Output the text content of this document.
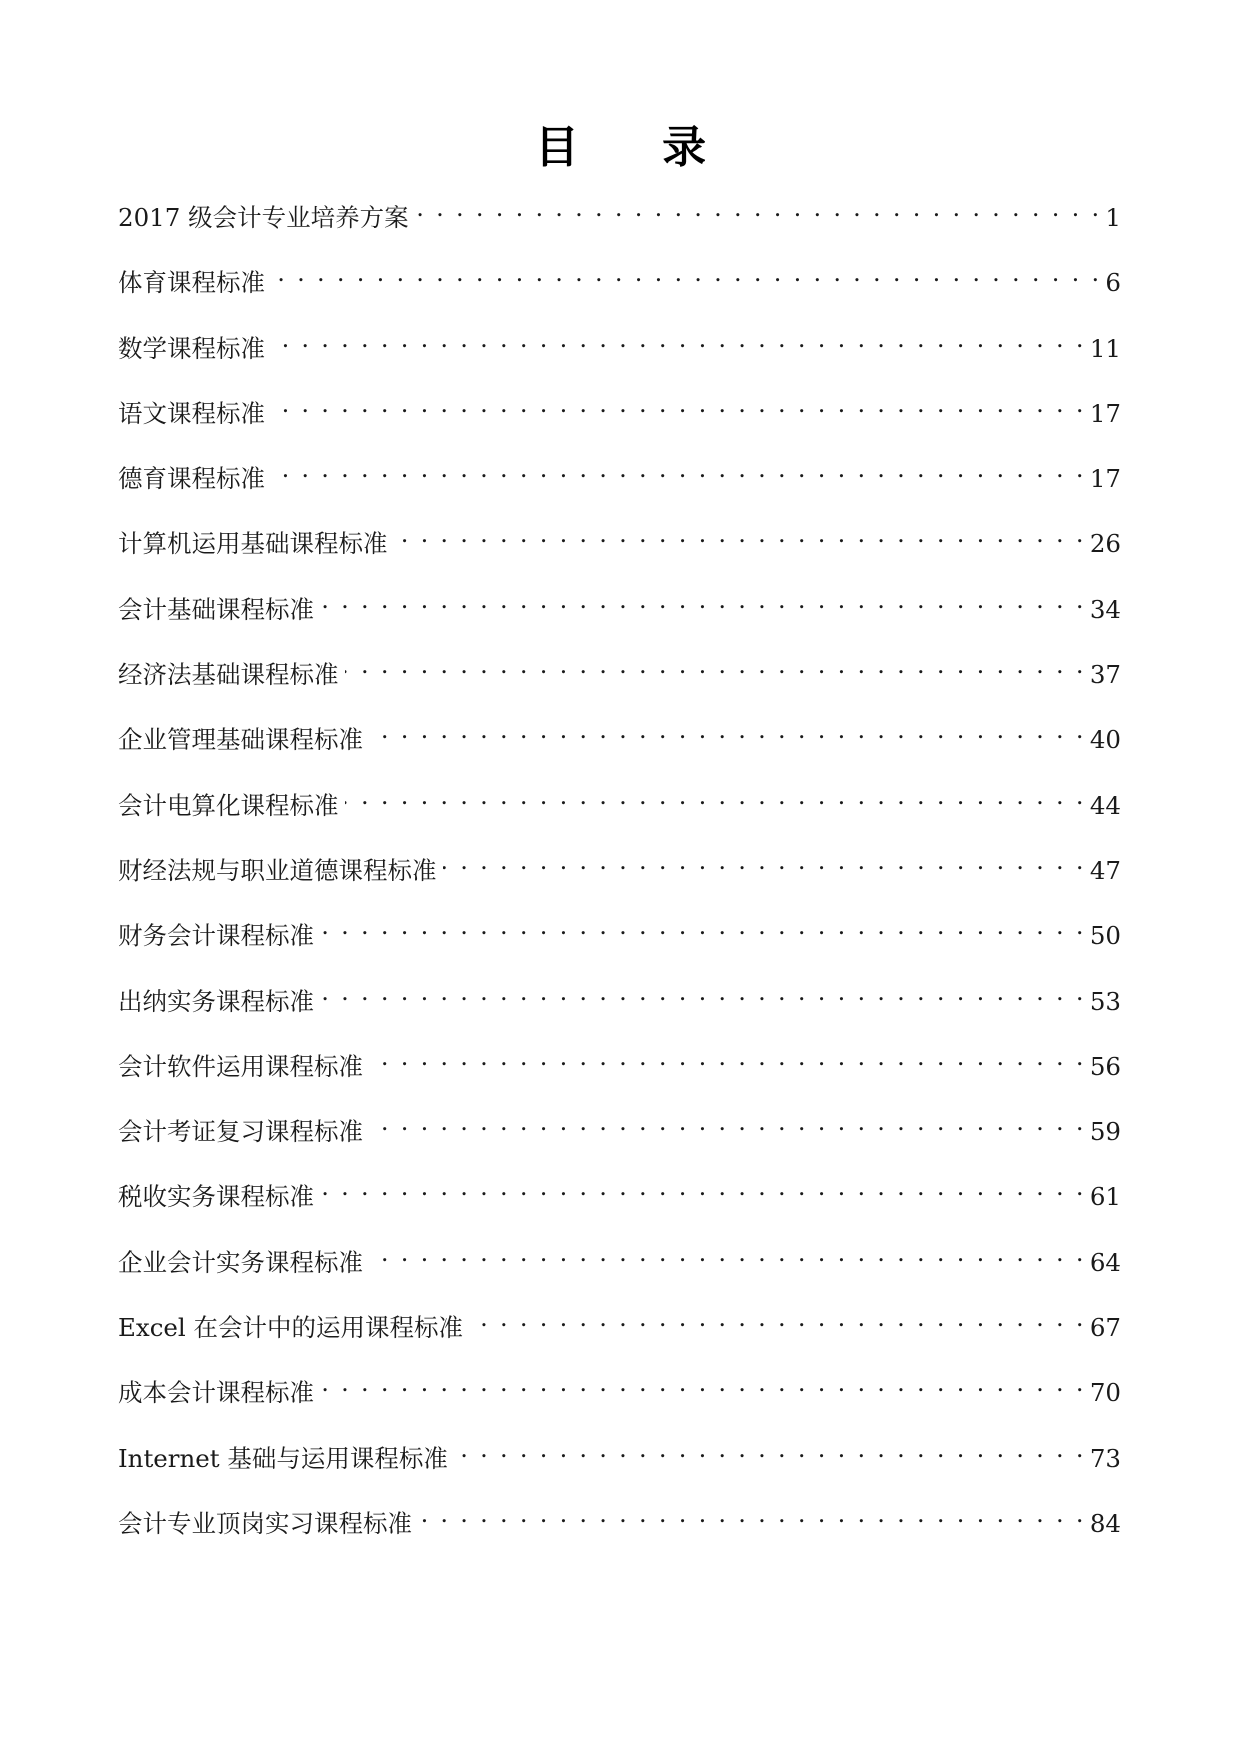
目 录
2017 级会计专业培养方案 . . .	1
体育课程标准 . . .	6
数学课程标准 . . .	11
语文课程标准 . . .	17
德育课程标准 . . .	17
计算机运用基础课程标准 . . .	26
会计基础课程标准 . . .	34
经济法基础课程标准 . . .	37
企业管理基础课程标准 . . .	40
会计电算化课程标准 . . .	44
财经法规与职业道德课程标准 . . .	47
财务会计课程标准 . . .	50
出纳实务课程标准 . . .	53
会计软件运用课程标准 . . .	56
会计考证复习课程标准 . . .	59
税收实务课程标准 . . .	61
企业会计实务课程标准 . . .	64
Excel 在会计中的运用课程标准 . . .	67
成本会计课程标准 . . .	70
Internet 基础与运用课程标准 . . .	73
会计专业顶岗实习课程标准 . . .	84
